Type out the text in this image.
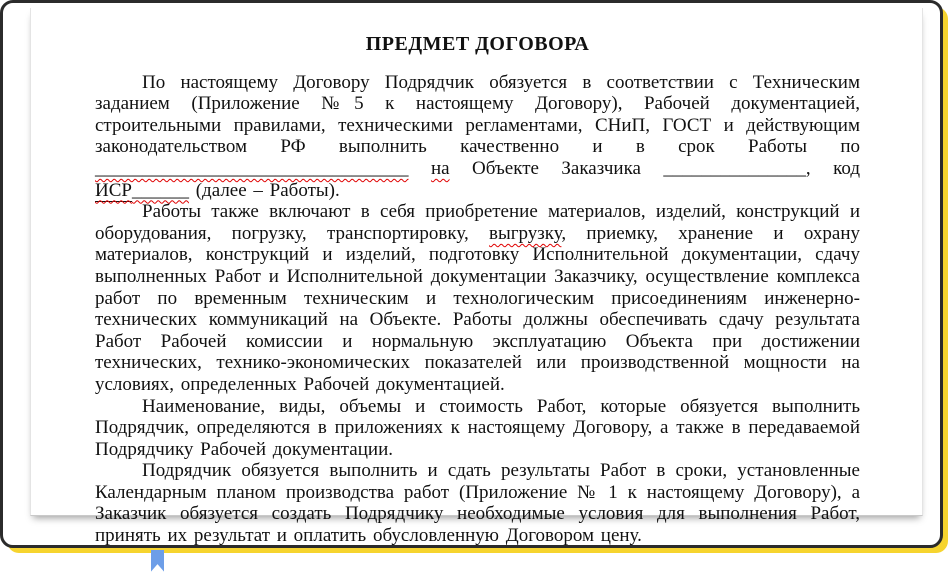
ПРЕДМЕТ ДОГОВОРА

По настоящему Договору Подрядчик обязуется в соответствии с Техническим заданием (Приложение №5 к настоящему Договору), Рабочей документацией, строительными правилами, техническими регламентами, СНиП, ГОСТ и действующим законодательством РФ выполнить качественно и в срок Работы по _________________________________ на Объекте Заказчика _______________, код ИСР______ (далее – Работы).

Работы также включают в себя приобретение материалов, изделий, конструкций и оборудования, погрузку, транспортировку, выгрузку, приемку, хранение и охрану материалов, конструкций и изделий, подготовку Исполнительной документации, сдачу выполненных Работ и Исполнительной документации Заказчику, осуществление комплекса работ по временным техническим и технологическим присоединениям инженерно-технических коммуникаций на Объекте. Работы должны обеспечивать сдачу результата Работ Рабочей комиссии и нормальную эксплуатацию Объекта при достижении технических, технико-экономических показателей или производственной мощности на условиях, определенных Рабочей документацией.

Наименование, виды, объемы и стоимость Работ, которые обязуется выполнить Подрядчик, определяются в приложениях к настоящему Договору, а также в передаваемой Подрядчику Рабочей документации.

Подрядчик обязуется выполнить и сдать результаты Работ в сроки, установленные Календарным планом производства работ (Приложение № 1 к настоящему Договору), а Заказчик обязуется создать Подрядчику необходимые условия для выполнения Работ, принять их результат и оплатить обусловленную Договором цену.
